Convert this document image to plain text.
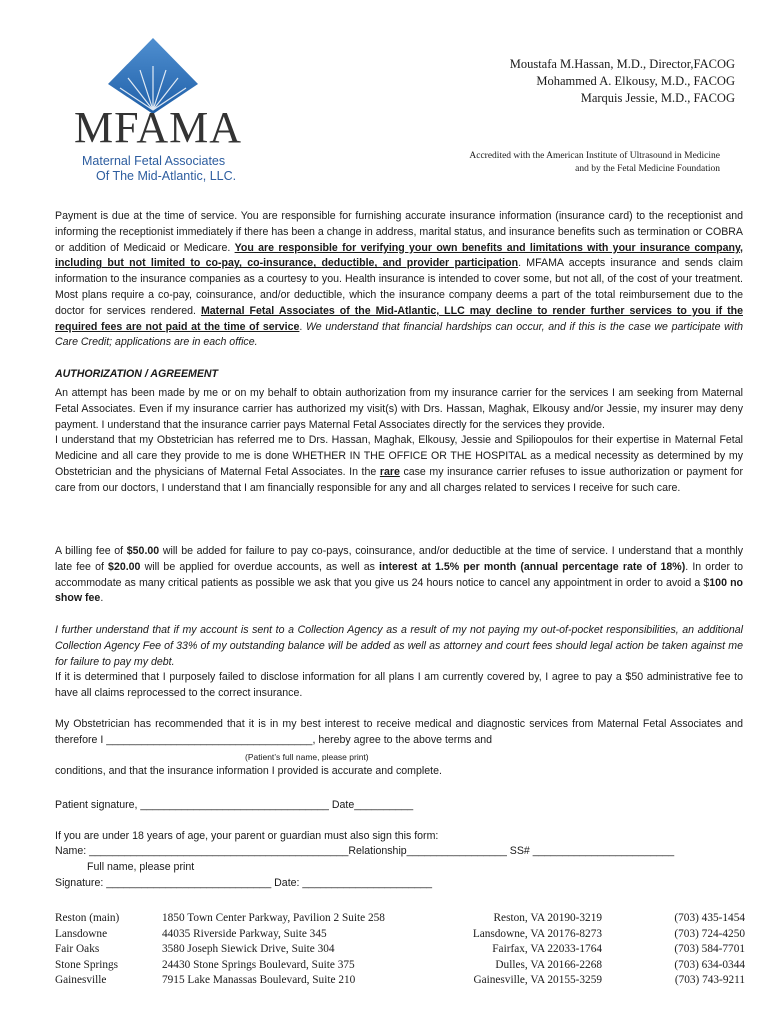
MFAMA
Maternal Fetal Associates
Of The Mid-Atlantic, LLC.
Moustafa M.Hassan, M.D., Director,FACOG
Mohammed A. Elkousy, M.D., FACOG
Marquis Jessie, M.D., FACOG
Accredited with the American Institute of Ultrasound in Medicine
and by the Fetal Medicine Foundation

Payment is due at the time of service. You are responsible for furnishing accurate insurance information (insurance card) to the receptionist and informing the receptionist immediately if there has been a change in address, marital status, and insurance benefits such as termination or COBRA or addition of Medicaid or Medicare. You are responsible for verifying your own benefits and limitations with your insurance company, including but not limited to co-pay, co-insurance, deductible, and provider participation. MFAMA accepts insurance and sends claim information to the insurance companies as a courtesy to you. Health insurance is intended to cover some, but not all, of the cost of your treatment. Most plans require a co-pay, coinsurance, and/or deductible, which the insurance company deems a part of the total reimbursement due to the doctor for services rendered. Maternal Fetal Associates of the Mid-Atlantic, LLC may decline to render further services to you if the required fees are not paid at the time of service. We understand that financial hardships can occur, and if this is the case we participate with Care Credit; applications are in each office.

AUTHORIZATION / AGREEMENT

An attempt has been made by me or on my behalf to obtain authorization from my insurance carrier for the services I am seeking from Maternal Fetal Associates. Even if my insurance carrier has authorized my visit(s) with Drs. Hassan, Maghak, Elkousy and/or Jessie, my insurer may deny payment. I understand that the insurance carrier pays Maternal Fetal Associates directly for the services they provide.

I understand that my Obstetrician has referred me to Drs. Hassan, Maghak, Elkousy, Jessie and Spiliopoulos for their expertise in Maternal Fetal Medicine and all care they provide to me is done WHETHER IN THE OFFICE OR THE HOSPITAL as a medical necessity as determined by my Obstetrician and the physicians of Maternal Fetal Associates. In the rare case my insurance carrier refuses to issue authorization or payment for care from our doctors, I understand that I am financially responsible for any and all charges related to services I receive for such care.

A billing fee of $50.00 will be added for failure to pay co-pays, coinsurance, and/or deductible at the time of service. I understand that a monthly late fee of $20.00 will be applied for overdue accounts, as well as interest at 1.5% per month (annual percentage rate of 18%). In order to accommodate as many critical patients as possible we ask that you give us 24 hours notice to cancel any appointment in order to avoid a $100 no show fee.

I further understand that if my account is sent to a Collection Agency as a result of my not paying my out-of-pocket responsibilities, an additional Collection Agency Fee of 33% of my outstanding balance will be added as well as attorney and court fees should legal action be taken against me for failure to pay my debt.

If it is determined that I purposely failed to disclose information for all plans I am currently covered by, I agree to pay a $50 administrative fee to have all claims reprocessed to the correct insurance.

My Obstetrician has recommended that it is in my best interest to receive medical and diagnostic services from Maternal Fetal Associates and therefore I ___________________________________, hereby agree to the above terms and

(Patient’s full name, please print)
conditions, and that the insurance information I provided is accurate and complete.
Patient signature, ________________________________ Date__________
If you are under 18 years of age, your parent or guardian must also sign this form:
Name: ____________________________________________Relationship_________________ SS# ________________________
Full name, please print
Signature: ____________________________ Date: ______________________
Reston (main)	1850 Town Center Parkway, Pavilion 2 Suite 258	Reston, VA 20190-3219	(703) 435-1454
Lansdowne	44035 Riverside Parkway, Suite 345	Lansdowne, VA 20176-8273	(703) 724-4250
Fair Oaks	3580 Joseph Siewick Drive, Suite 304	Fairfax, VA 22033-1764	(703) 584-7701
Stone Springs	24430 Stone Springs Boulevard, Suite 375	Dulles, VA 20166-2268	(703) 634-0344
Gainesville	7915 Lake Manassas Boulevard, Suite 210	Gainesville, VA 20155-3259	(703) 743-9211
